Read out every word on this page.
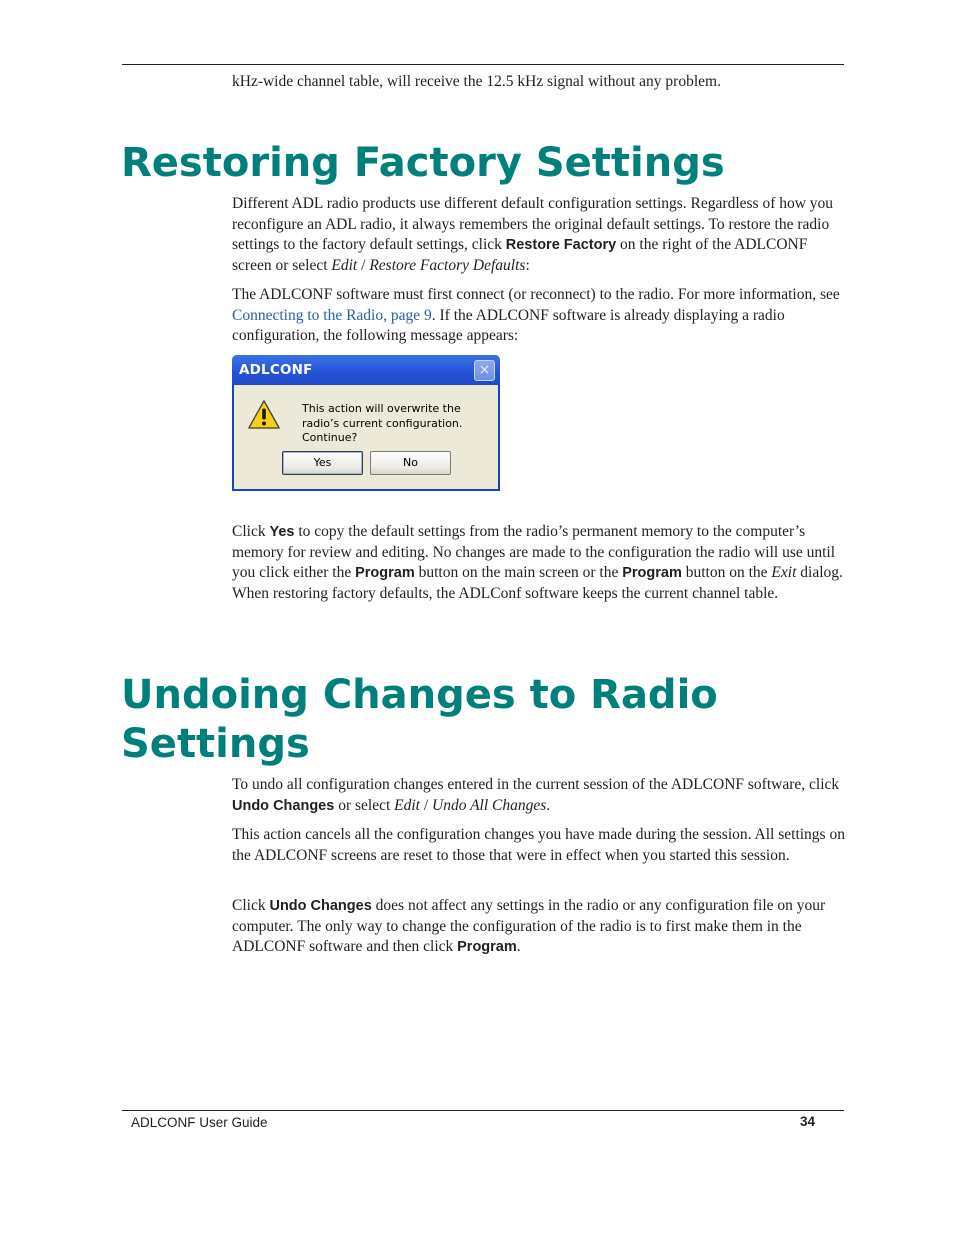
kHz-wide channel table, will receive the 12.5 kHz signal without any problem.

Restoring Factory Settings

Different ADL radio products use different default configuration settings. Regardless of how you reconfigure an ADL radio, it always remembers the original default settings. To restore the radio settings to the factory default settings, click Restore Factory on the right of the ADLCONF screen or select Edit / Restore Factory Defaults:

The ADLCONF software must first connect (or reconnect) to the radio. For more information, see Connecting to the Radio, page 9. If the ADLCONF software is already displaying a radio configuration, the following message appears:

ADLCONF	×
This action will overwrite the radio’s current configuration. Continue?
Yes	No

Click Yes to copy the default settings from the radio’s permanent memory to the computer’s memory for review and editing. No changes are made to the configuration the radio will use until you click either the Program button on the main screen or the Program button on the Exit dialog. When restoring factory defaults, the ADLConf software keeps the current channel table.

Undoing Changes to Radio Settings

To undo all configuration changes entered in the current session of the ADLCONF software, click Undo Changes or select Edit / Undo All Changes.

This action cancels all the configuration changes you have made during the session. All settings on the ADLCONF screens are reset to those that were in effect when you started this session.

Click Undo Changes does not affect any settings in the radio or any configuration file on your computer. The only way to change the configuration of the radio is to first make them in the ADLCONF software and then click Program.

ADLCONF User Guide	34
